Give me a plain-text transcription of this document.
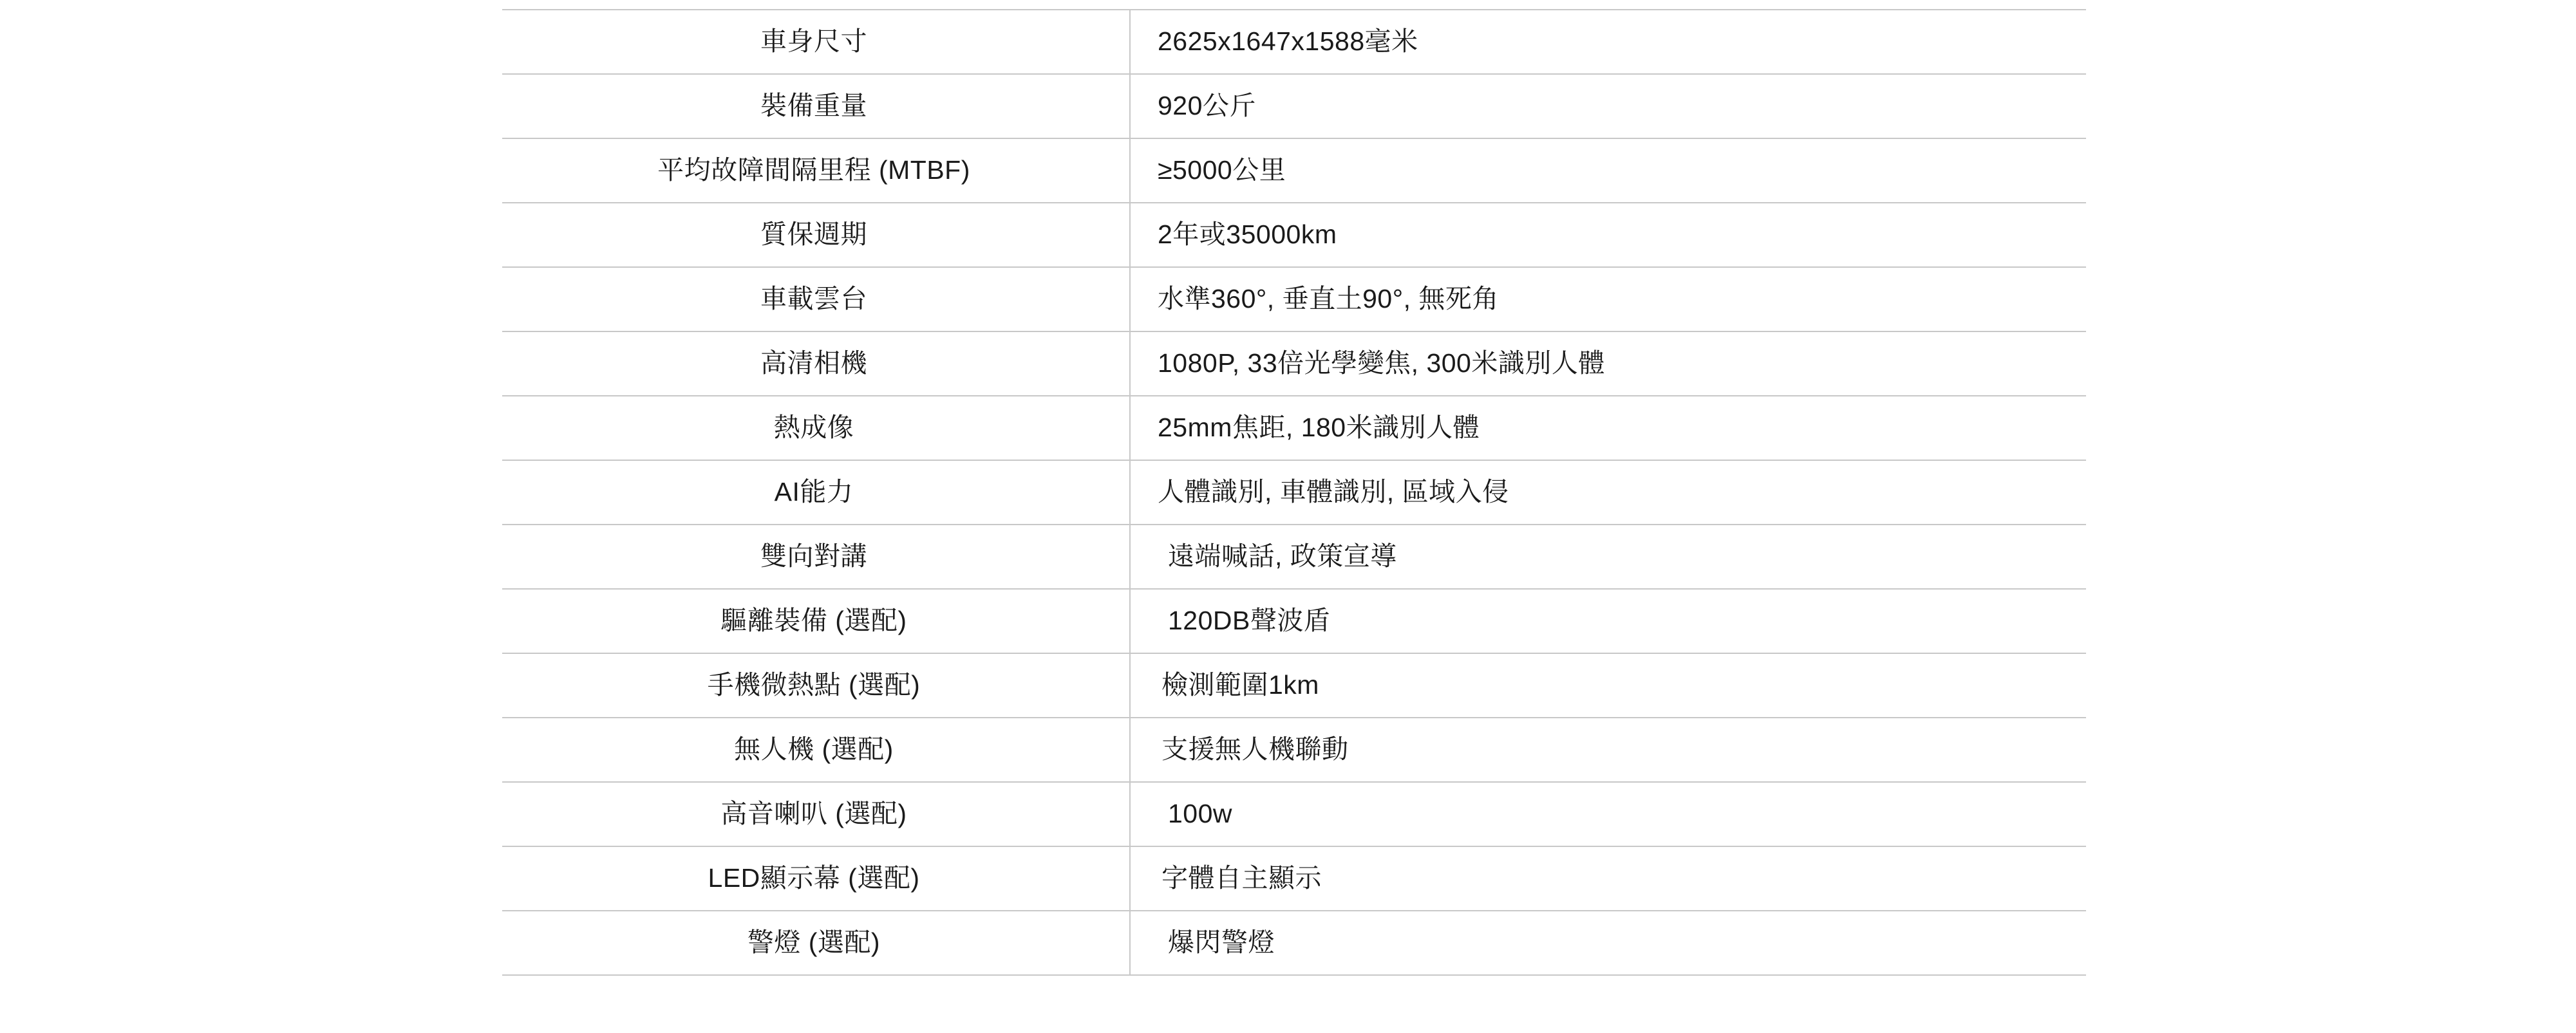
車身尺寸	2625x1647x1588毫米
裝備重量	920公斤
平均故障間隔里程 (MTBF)	≥5000公里
質保週期	2年或35000km
車載雲台	水準360°, 垂直土90°, 無死角
高清相機	1080P, 33倍光學變焦, 300米識別人體
熱成像	25mm焦距, 180米識別人體
AI能力	人體識別, 車體識別, 區域入侵
雙向對講	遠端喊話, 政策宣導
驅離裝備 (選配)	120DB聲波盾
手機微熱點 (選配)	檢測範圍1km
無人機 (選配)	支援無人機聯動
高音喇叭 (選配)	100w
LED顯示幕 (選配)	字體自主顯示
警燈 (選配)	爆閃警燈
